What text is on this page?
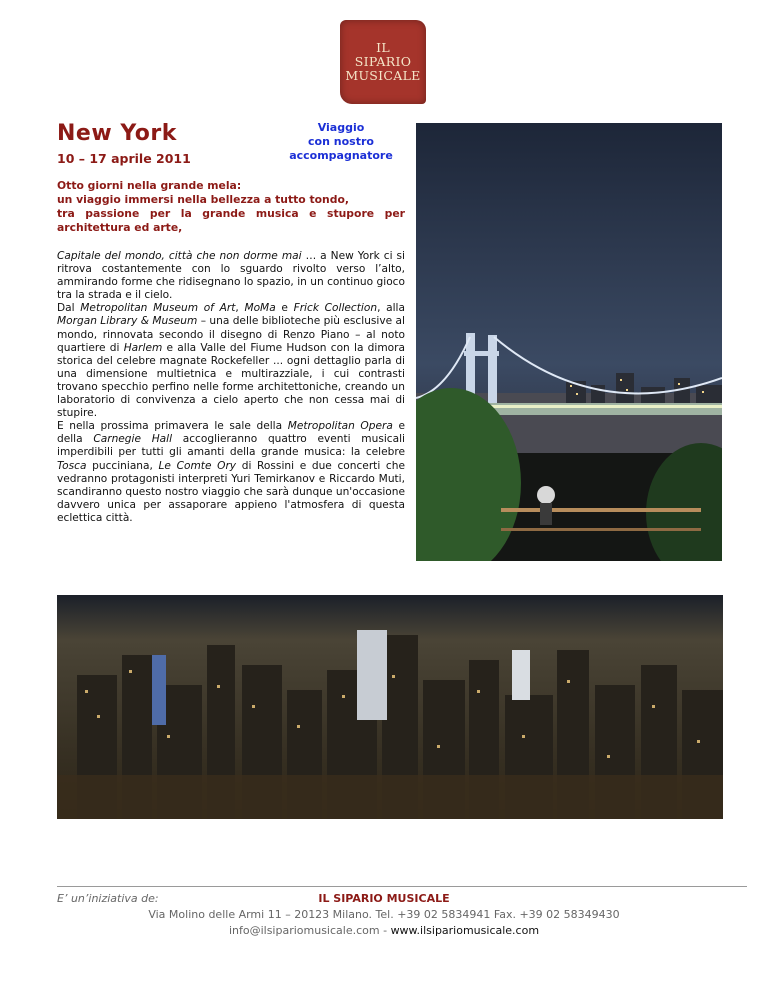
IL
SIPARIO
MUSICALE
New York
10 – 17 aprile 2011
Viaggio
con nostro
accompagnatore
Otto giorni nella grande mela:
un viaggio immersi nella bellezza a tutto tondo,
tra passione per la grande musica e stupore per
architettura ed arte,

Capitale del mondo, città che non dorme mai … a New York ci si ritrova costantemente con lo sguardo rivolto verso l’alto, ammirando forme che ridisegnano lo spazio, in un continuo gioco tra la strada e il cielo.

Dal Metropolitan Museum of Art, MoMa e Frick Collection, alla Morgan Library & Museum – una delle biblioteche più esclusive al mondo, rinnovata secondo il disegno di Renzo Piano – al noto quartiere di Harlem e alla Valle del Fiume Hudson con la dimora storica del celebre magnate Rockefeller ... ogni dettaglio parla di una dimensione multietnica e multirazziale, i cui contrasti trovano specchio perfino nelle forme architettoniche, creando un laboratorio di convivenza a cielo aperto che non cessa mai di stupire.

E nella prossima primavera le sale della Metropolitan Opera e della Carnegie Hall accoglieranno quattro eventi musicali imperdibili per tutti gli amanti della grande musica: la celebre Tosca pucciniana, Le Comte Ory di Rossini e due concerti che vedranno protagonisti interpreti Yuri Temirkanov e Riccardo Muti, scandiranno questo nostro viaggio che sarà dunque un'occasione davvero unica per assaporare appieno l'atmosfera di questa eclettica città.

E’ un’iniziativa de:	IL SIPARIO MUSICALE
Via Molino delle Armi 11 – 20123 Milano. Tel. +39 02 5834941 Fax. +39 02 58349430
info@ilsipariomusicale.com - www.ilsipariomusicale.com
